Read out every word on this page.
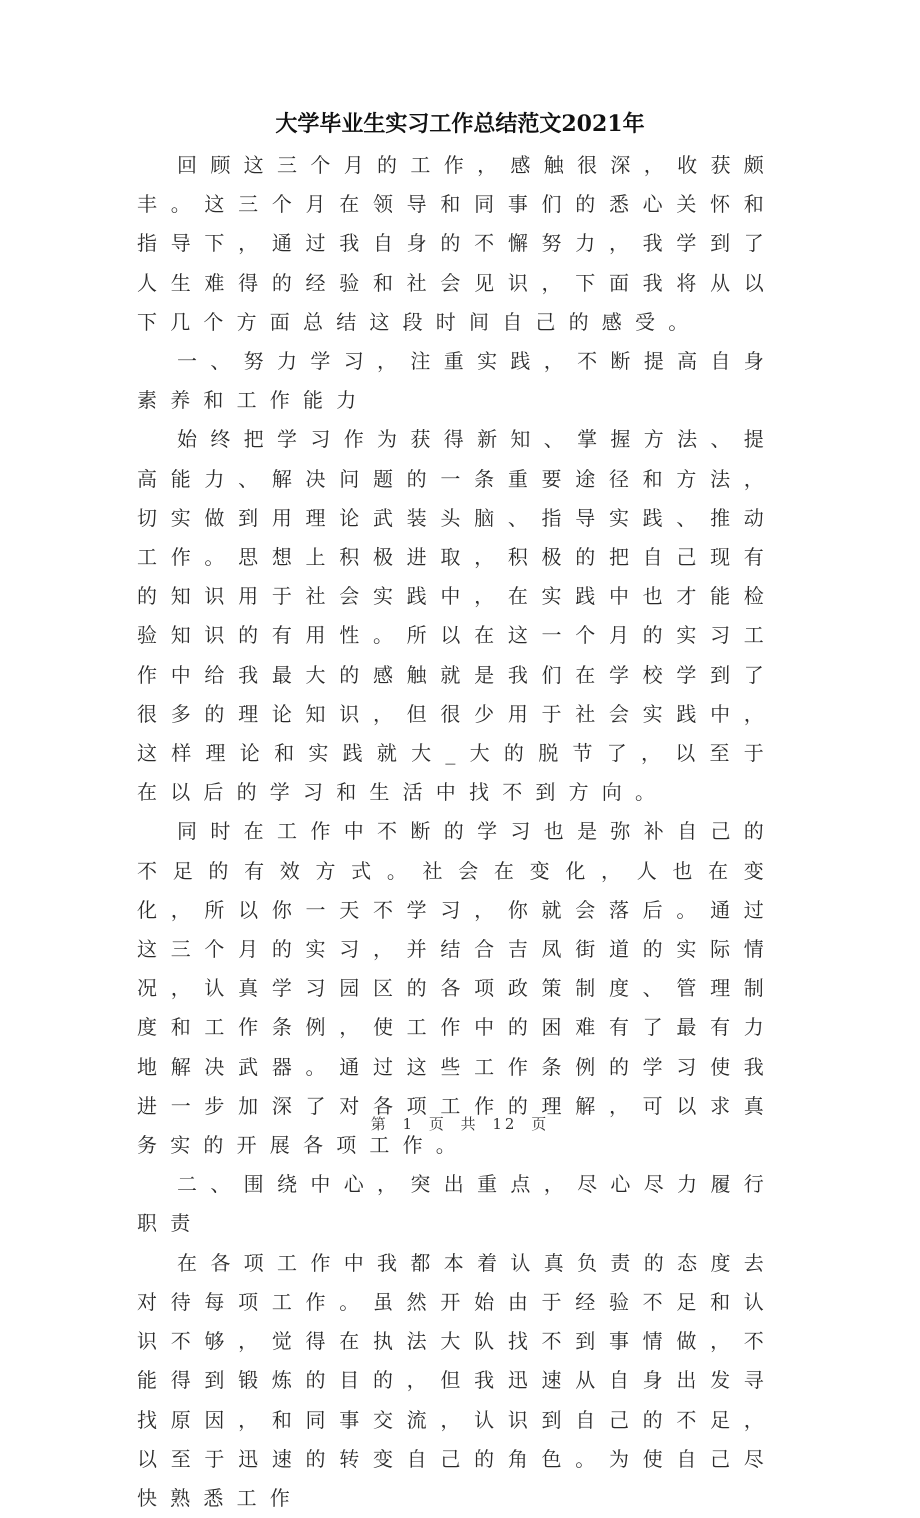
大学毕业生实习工作总结范文2021年

回顾这三个月的工作，感触很深，收获颇丰。这三个月在领导和同事们的悉心关怀和指导下，通过我自身的不懈努力，我学到了人生难得的经验和社会见识，下面我将从以下几个方面总结这段时间自己的感受。

一、努力学习，注重实践，不断提高自身素养和工作能力

始终把学习作为获得新知、掌握方法、提高能力、解决问题的一条重要途径和方法，切实做到用理论武装头脑、指导实践、推动工作。思想上积极进取，积极的把自己现有的知识用于社会实践中，在实践中也才能检验知识的有用性。所以在这一个月的实习工作中给我最大的感触就是我们在学校学到了很多的理论知识，但很少用于社会实践中，这样理论和实践就大_大的脱节了，以至于在以后的学习和生活中找不到方向。

同时在工作中不断的学习也是弥补自己的不足的有效方式。社会在变化，人也在变化，所以你一天不学习，你就会落后。通过这三个月的实习，并结合吉凤街道的实际情况，认真学习园区的各项政策制度、管理制度和工作条例，使工作中的困难有了最有力地解决武器。通过这些工作条例的学习使我进一步加深了对各项工作的理解，可以求真务实的开展各项工作。

二、围绕中心，突出重点，尽心尽力履行职责

在各项工作中我都本着认真负责的态度去对待每项工作。虽然开始由于经验不足和认识不够，觉得在执法大队找不到事情做，不能得到锻炼的目的，但我迅速从自身出发寻找原因，和同事交流，认识到自己的不足，以至于迅速的转变自己的角色。为使自己尽快熟悉工作

第 1 页 共 12 页
